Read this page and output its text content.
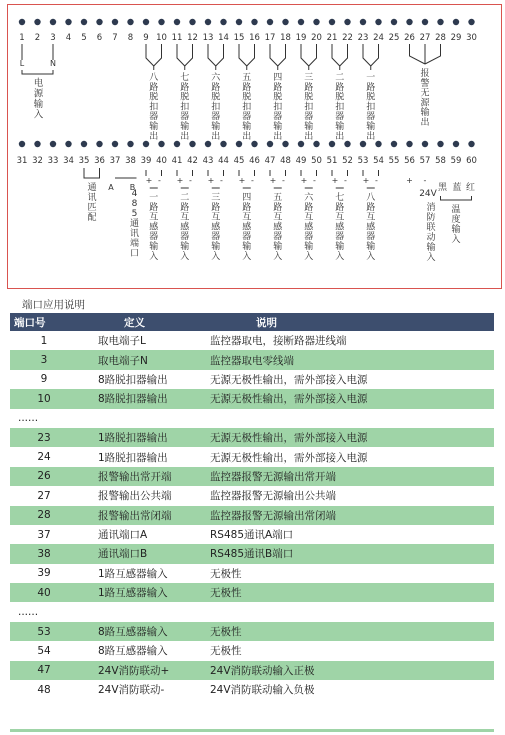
1 2 3 4 5 6 7 8 9 10 11 12 13 14 15 16 17 18 19 20 21 22 23 24 25 26 27 28 29 30
31 32 33 34 35 36 37 38 39 40 41 42 43 44 45 46 47 48 49 50 51 52 53 54 55 56 57 58 59 60
L	N
电源输入
八路脱扣器输出
七路脱扣器输出
六路脱扣器输出
五路脱扣器输出
四路脱扣器输出
三路脱扣器输出
二路脱扣器输出
一路脱扣器输出
报警无源输出
通讯匹配
A B
4 8 5 通讯端口
+ -
一路互感器输入
+ -
二路互感器输入
+ -
三路互感器输入
+ -
四路互感器输入
+ -
五路互感器输入
+ -
六路互感器输入
+ -
七路互感器输入
+ -
八路互感器输入
+ -
24V
消防联动输入
黑 蓝 红
温度输入
端口应用说明
端口号	定义	说明
1	取电端子L	监控器取电，接断路器进线端
3	取电端子N	监控器取电零线端
9	8路脱扣器输出	无源无极性输出，需外部接入电源
10	8路脱扣器输出	无源无极性输出，需外部接入电源
......		
23	1路脱扣器输出	无源无极性输出，需外部接入电源
24	1路脱扣器输出	无源无极性输出，需外部接入电源
26	报警输出常开端	监控器报警无源输出常开端
27	报警输出公共端	监控器报警无源输出公共端
28	报警输出常闭端	监控器报警无源输出常闭端
37	通讯端口A	RS485通讯A端口
38	通讯端口B	RS485通讯B端口
39	1路互感器输入	无极性
40	1路互感器输入	无极性
......		
53	8路互感器输入	无极性
54	8路互感器输入	无极性
47	24V消防联动+	24V消防联动输入正极
48	24V消防联动-	24V消防联动输入负极
